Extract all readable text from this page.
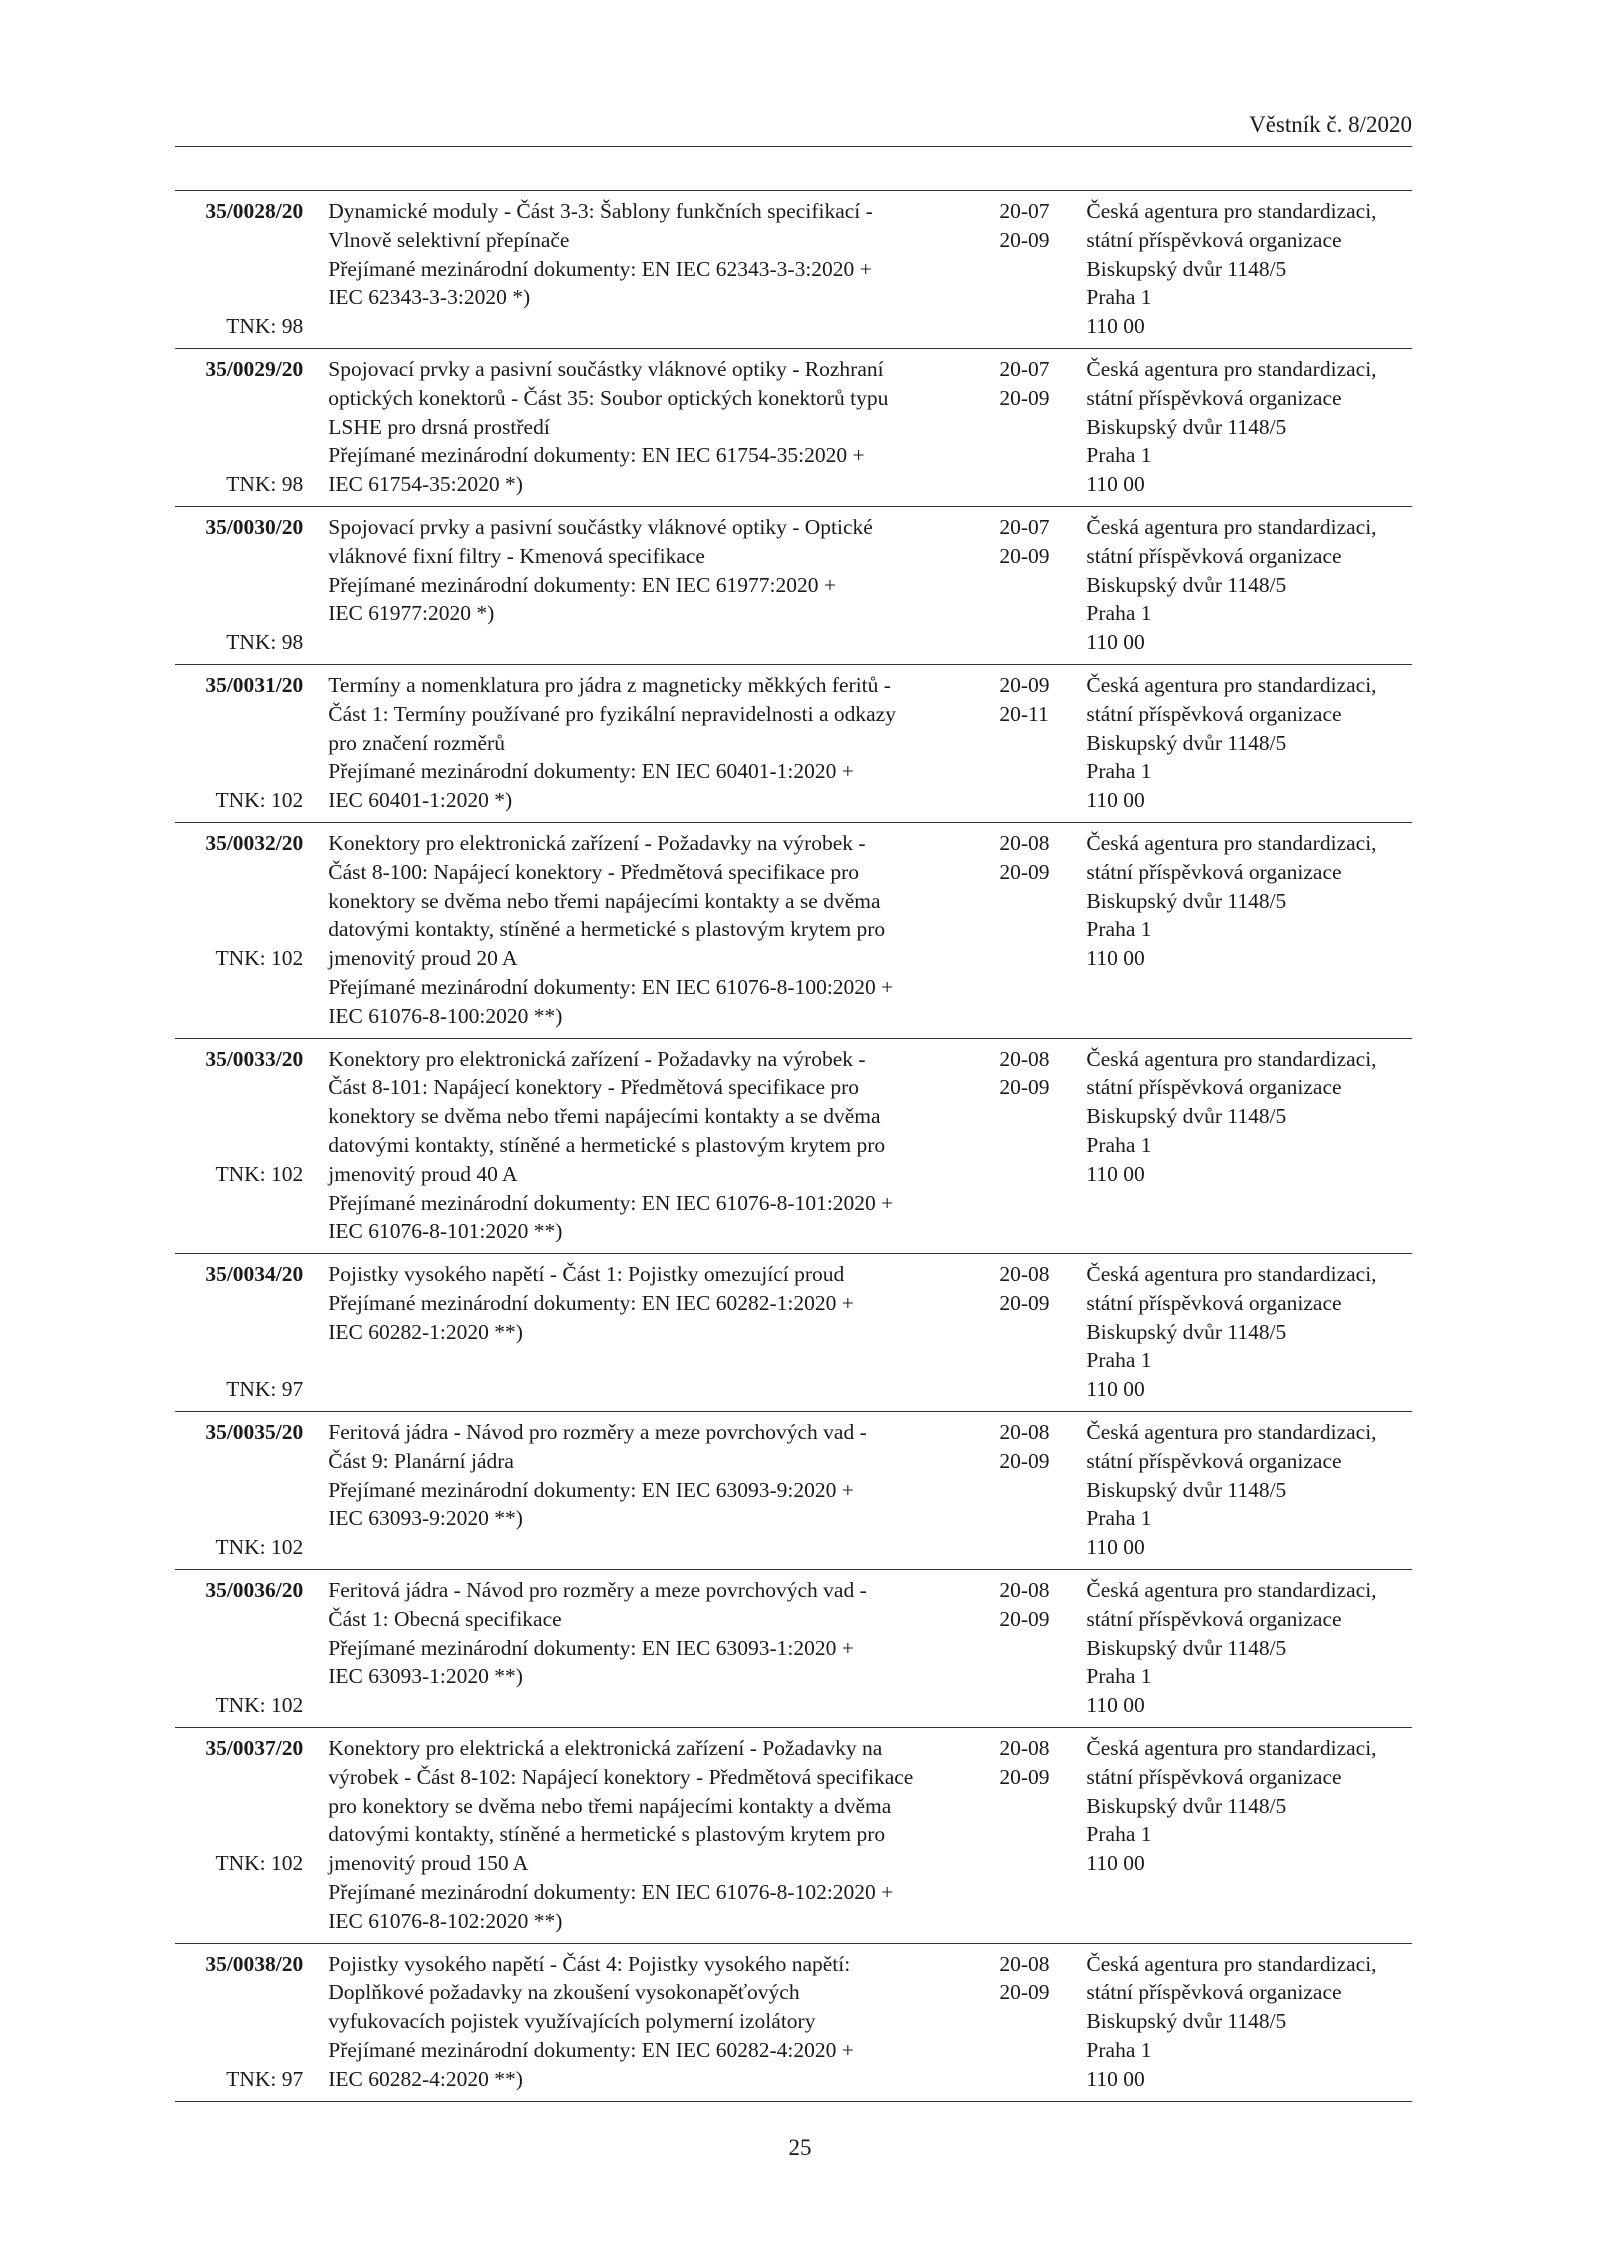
Věstník č. 8/2020
35/0028/20
TNK: 98
Dynamické moduly - Část 3-3: Šablony funkčních specifikací -
Vlnově selektivní přepínače
Přejímané mezinárodní dokumenty: EN IEC 62343-3-3:2020 +
IEC 62343-3-3:2020 *)
20-07
20-09
Česká agentura pro standardizaci,
státní příspěvková organizace
Biskupský dvůr 1148/5
Praha 1
110 00
35/0029/20
TNK: 98
Spojovací prvky a pasivní součástky vláknové optiky - Rozhraní
optických konektorů - Část 35: Soubor optických konektorů typu
LSHE pro drsná prostředí
Přejímané mezinárodní dokumenty: EN IEC 61754-35:2020 +
IEC 61754-35:2020 *)
20-07
20-09
Česká agentura pro standardizaci,
státní příspěvková organizace
Biskupský dvůr 1148/5
Praha 1
110 00
35/0030/20
TNK: 98
Spojovací prvky a pasivní součástky vláknové optiky - Optické
vláknové fixní filtry - Kmenová specifikace
Přejímané mezinárodní dokumenty: EN IEC 61977:2020 +
IEC 61977:2020 *)
20-07
20-09
Česká agentura pro standardizaci,
státní příspěvková organizace
Biskupský dvůr 1148/5
Praha 1
110 00
35/0031/20
TNK: 102
Termíny a nomenklatura pro jádra z magneticky měkkých feritů -
Část 1: Termíny používané pro fyzikální nepravidelnosti a odkazy
pro značení rozměrů
Přejímané mezinárodní dokumenty: EN IEC 60401-1:2020 +
IEC 60401-1:2020 *)
20-09
20-11
Česká agentura pro standardizaci,
státní příspěvková organizace
Biskupský dvůr 1148/5
Praha 1
110 00
35/0032/20
TNK: 102
Konektory pro elektronická zařízení - Požadavky na výrobek -
Část 8-100: Napájecí konektory - Předmětová specifikace pro
konektory se dvěma nebo třemi napájecími kontakty a se dvěma
datovými kontakty, stíněné a hermetické s plastovým krytem pro
jmenovitý proud 20 A
Přejímané mezinárodní dokumenty: EN IEC 61076-8-100:2020 +
IEC 61076-8-100:2020 **)
20-08
20-09
Česká agentura pro standardizaci,
státní příspěvková organizace
Biskupský dvůr 1148/5
Praha 1
110 00
35/0033/20
TNK: 102
Konektory pro elektronická zařízení - Požadavky na výrobek -
Část 8-101: Napájecí konektory - Předmětová specifikace pro
konektory se dvěma nebo třemi napájecími kontakty a se dvěma
datovými kontakty, stíněné a hermetické s plastovým krytem pro
jmenovitý proud 40 A
Přejímané mezinárodní dokumenty: EN IEC 61076-8-101:2020 +
IEC 61076-8-101:2020 **)
20-08
20-09
Česká agentura pro standardizaci,
státní příspěvková organizace
Biskupský dvůr 1148/5
Praha 1
110 00
35/0034/20
TNK: 97
Pojistky vysokého napětí - Část 1: Pojistky omezující proud
Přejímané mezinárodní dokumenty: EN IEC 60282-1:2020 +
IEC 60282-1:2020 **)
20-08
20-09
Česká agentura pro standardizaci,
státní příspěvková organizace
Biskupský dvůr 1148/5
Praha 1
110 00
35/0035/20
TNK: 102
Feritová jádra - Návod pro rozměry a meze povrchových vad -
Část 9: Planární jádra
Přejímané mezinárodní dokumenty: EN IEC 63093-9:2020 +
IEC 63093-9:2020 **)
20-08
20-09
Česká agentura pro standardizaci,
státní příspěvková organizace
Biskupský dvůr 1148/5
Praha 1
110 00
35/0036/20
TNK: 102
Feritová jádra - Návod pro rozměry a meze povrchových vad -
Část 1: Obecná specifikace
Přejímané mezinárodní dokumenty: EN IEC 63093-1:2020 +
IEC 63093-1:2020 **)
20-08
20-09
Česká agentura pro standardizaci,
státní příspěvková organizace
Biskupský dvůr 1148/5
Praha 1
110 00
35/0037/20
TNK: 102
Konektory pro elektrická a elektronická zařízení - Požadavky na
výrobek - Část 8-102: Napájecí konektory - Předmětová specifikace
pro konektory se dvěma nebo třemi napájecími kontakty a dvěma
datovými kontakty, stíněné a hermetické s plastovým krytem pro
jmenovitý proud 150 A
Přejímané mezinárodní dokumenty: EN IEC 61076-8-102:2020 +
IEC 61076-8-102:2020 **)
20-08
20-09
Česká agentura pro standardizaci,
státní příspěvková organizace
Biskupský dvůr 1148/5
Praha 1
110 00
35/0038/20
TNK: 97
Pojistky vysokého napětí - Část 4: Pojistky vysokého napětí:
Doplňkové požadavky na zkoušení vysokonapěťových
vyfukovacích pojistek využívajících polymerní izolátory
Přejímané mezinárodní dokumenty: EN IEC 60282-4:2020 +
IEC 60282-4:2020 **)
20-08
20-09
Česká agentura pro standardizaci,
státní příspěvková organizace
Biskupský dvůr 1148/5
Praha 1
110 00
25
